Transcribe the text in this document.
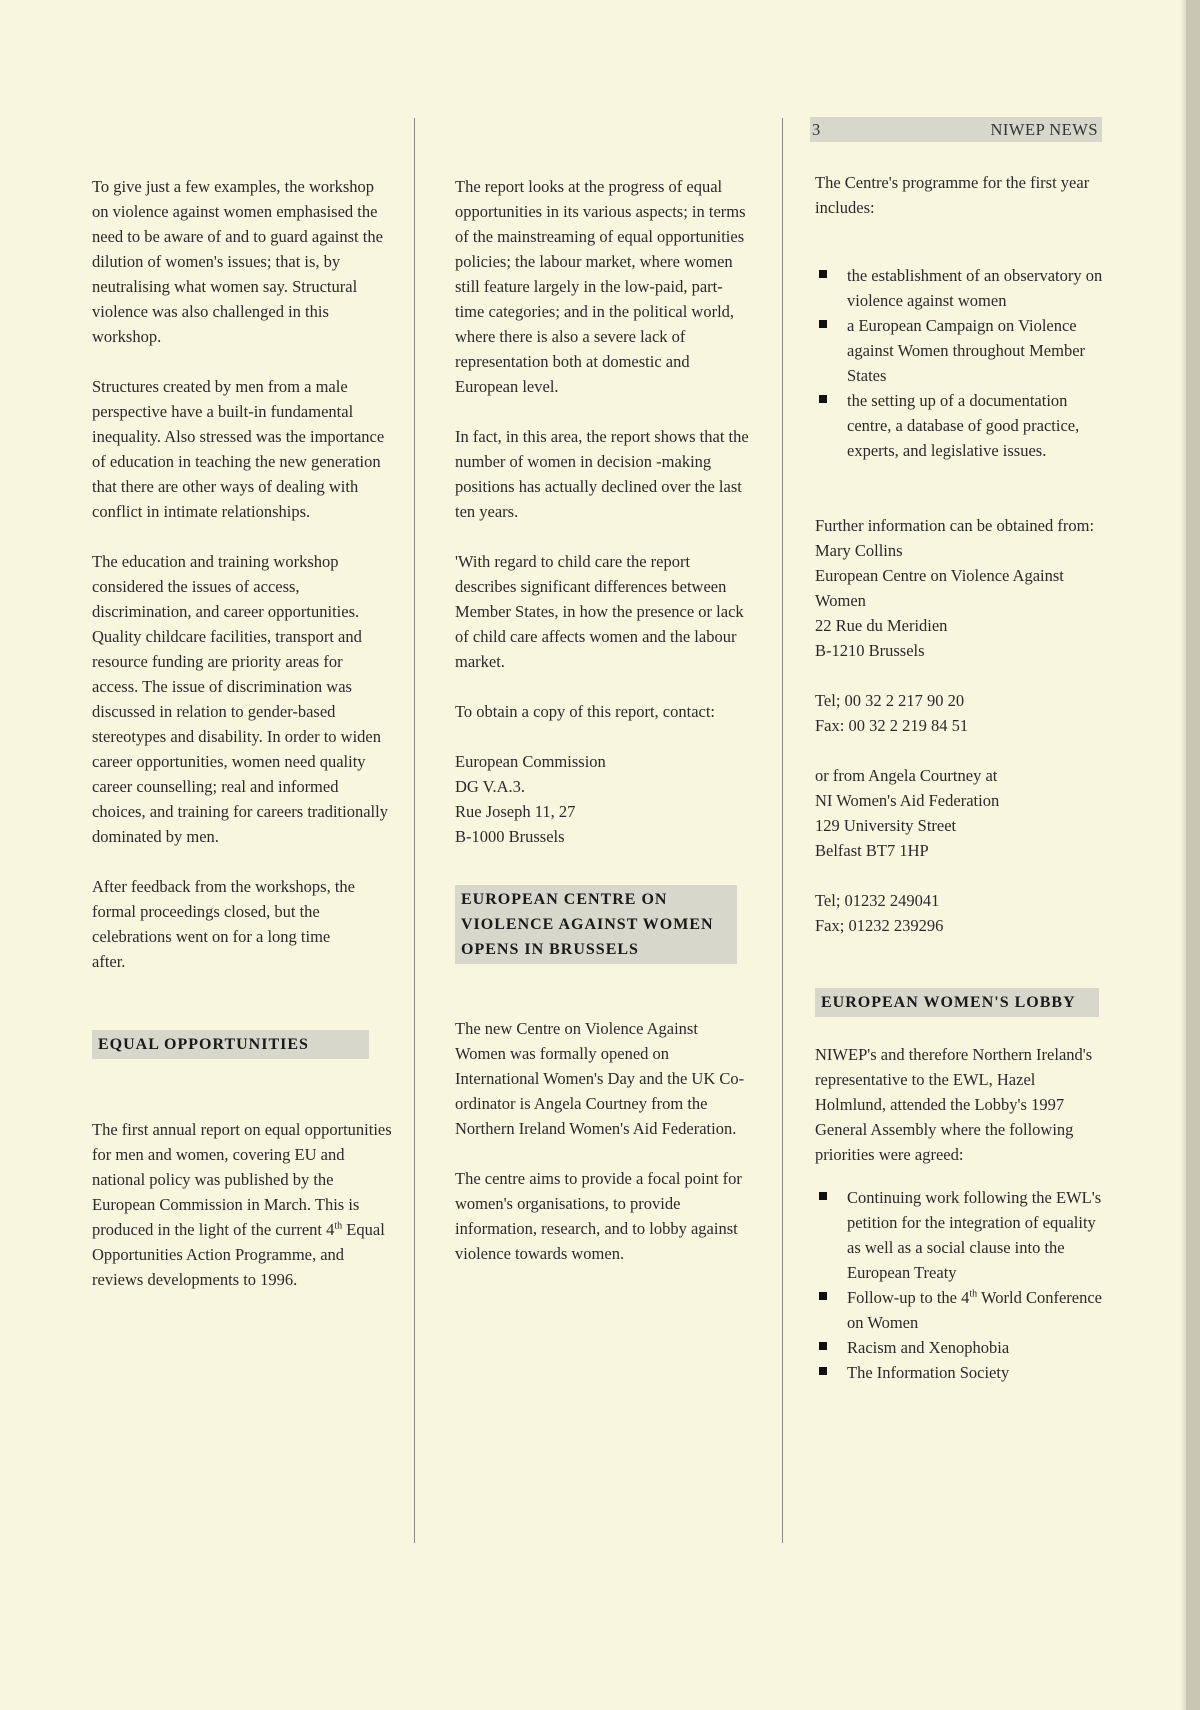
3	NIWEP NEWS

To give just a few examples, the workshop on violence against women emphasised the need to be aware of and to guard against the dilution of women's issues; that is, by neutralising what women say. Structural violence was also challenged in this workshop.

Structures created by men from a male perspective have a built-in fundamental inequality. Also stressed was the importance of education in teaching the new generation that there are other ways of dealing with conflict in intimate relationships.

The education and training workshop considered the issues of access, discrimination, and career opportunities. Quality childcare facilities, transport and resource funding are priority areas for access. The issue of discrimination was discussed in relation to gender-based stereotypes and disability. In order to widen career opportunities, women need quality career counselling; real and informed choices, and training for careers traditionally dominated by men.

After feedback from the workshops, the formal proceedings closed, but the celebrations went on for a long time after.

EQUAL OPPORTUNITIES

The first annual report on equal opportunities for men and women, covering EU and national policy was published by the European Commission in March. This is produced in the light of the current 4th Equal Opportunities Action Programme, and reviews developments to 1996.

The report looks at the progress of equal opportunities in its various aspects; in terms of the mainstreaming of equal opportunities policies; the labour market, where women still feature largely in the low-paid, part-time categories; and in the political world, where there is also a severe lack of representation both at domestic and European level.

In fact, in this area, the report shows that the number of women in decision -making positions has actually declined over the last ten years.

'With regard to child care the report describes significant differences between Member States, in how the presence or lack of child care affects women and the labour market.

To obtain a copy of this report, contact:

European Commission
DG V.A.3.
Rue Joseph 11, 27
B-1000 Brussels
EUROPEAN CENTRE ON VIOLENCE AGAINST WOMEN OPENS IN BRUSSELS

The new Centre on Violence Against Women was formally opened on International Women's Day and the UK Co-ordinator is Angela Courtney from the Northern Ireland Women's Aid Federation.

The centre aims to provide a focal point for women's organisations, to provide

information, research, and to lobby against violence towards women.

The Centre's programme for the first year includes:

the establishment of an observatory on violence against women
a European Campaign on Violence against Women throughout Member States
the setting up of a documentation centre, a database of good practice, experts, and legislative issues.

Further information can be obtained from:

Mary Collins
European Centre on Violence Against Women
22 Rue du Meridien
B-1210 Brussels
Tel; 00 32 2 217 90 20
Fax: 00 32 2 219 84 51

or from Angela Courtney at

NI Women's Aid Federation
129 University Street
Belfast BT7 1HP
Tel; 01232 249041
Fax; 01232 239296
EUROPEAN WOMEN'S LOBBY

NIWEP's and therefore Northern Ireland's representative to the EWL, Hazel Holmlund, attended the Lobby's 1997 General Assembly where the following priorities were agreed:

Continuing work following the EWL's petition for the integration of equality as well as a social clause into the European Treaty
Follow-up to the 4th World Conference on Women
Racism and Xenophobia
The Information Society
